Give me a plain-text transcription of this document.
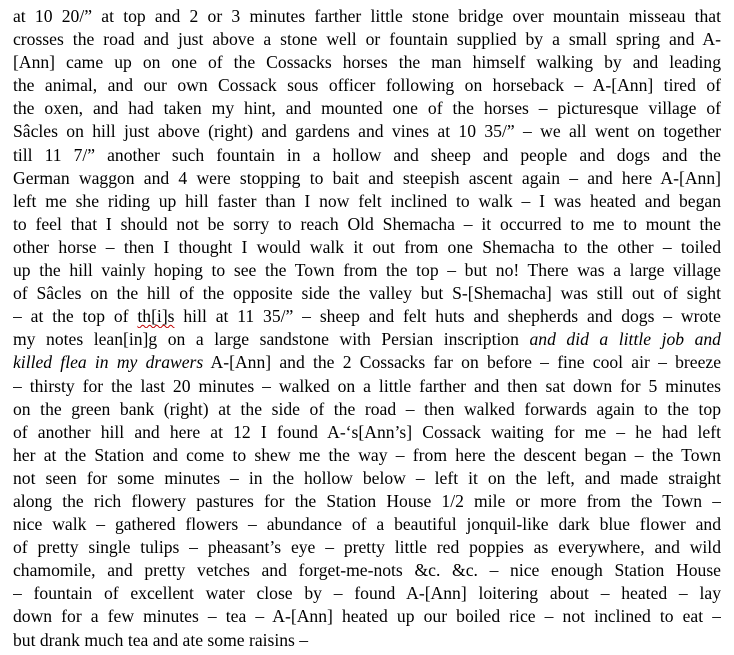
at 10 20/” at top and 2 or 3 minutes farther little stone bridge over mountain misseau that
crosses the road and just above a stone well or fountain supplied by a small spring and A-
[Ann] came up on one of the Cossacks horses the man himself walking by and leading
the animal, and our own Cossack sous officer following on horseback – A-[Ann] tired of
the oxen, and had taken my hint, and mounted one of the horses – picturesque village of
Sâcles on hill just above (right) and gardens and vines at 10 35/” – we all went on together
till 11 7/” another such fountain in a hollow and sheep and people and dogs and the
German waggon and 4 were stopping to bait and steepish ascent again – and here A-[Ann]
left me she riding up hill faster than I now felt inclined to walk – I was heated and began
to feel that I should not be sorry to reach Old Shemacha – it occurred to me to mount the
other horse – then I thought I would walk it out from one Shemacha to the other – toiled
up the hill vainly hoping to see the Town from the top – but no! There was a large village
of Sâcles on the hill of the opposite side the valley but S-[Shemacha] was still out of sight
– at the top of th[i]s hill at 11 35/” – sheep and felt huts and shepherds and dogs – wrote
my notes lean[in]g on a large sandstone with Persian inscription and did a little job and
killed flea in my drawers A-[Ann] and the 2 Cossacks far on before – fine cool air – breeze
– thirsty for the last 20 minutes – walked on a little farther and then sat down for 5 minutes
on the green bank (right) at the side of the road – then walked forwards again to the top
of another hill and here at 12 I found A-‘s[Ann’s] Cossack waiting for me – he had left
her at the Station and come to shew me the way – from here the descent began – the Town
not seen for some minutes – in the hollow below – left it on the left, and made straight
along the rich flowery pastures for the Station House 1/2 mile or more from the Town –
nice walk – gathered flowers – abundance of a beautiful jonquil-like dark blue flower and
of pretty single tulips – pheasant’s eye – pretty little red poppies as everywhere, and wild
chamomile, and pretty vetches and forget-me-nots &c. &c. – nice enough Station House
– fountain of excellent water close by – found A-[Ann] loitering about – heated – lay
down for a few minutes – tea – A-[Ann] heated up our boiled rice – not inclined to eat –
but drank much tea and ate some raisins –
